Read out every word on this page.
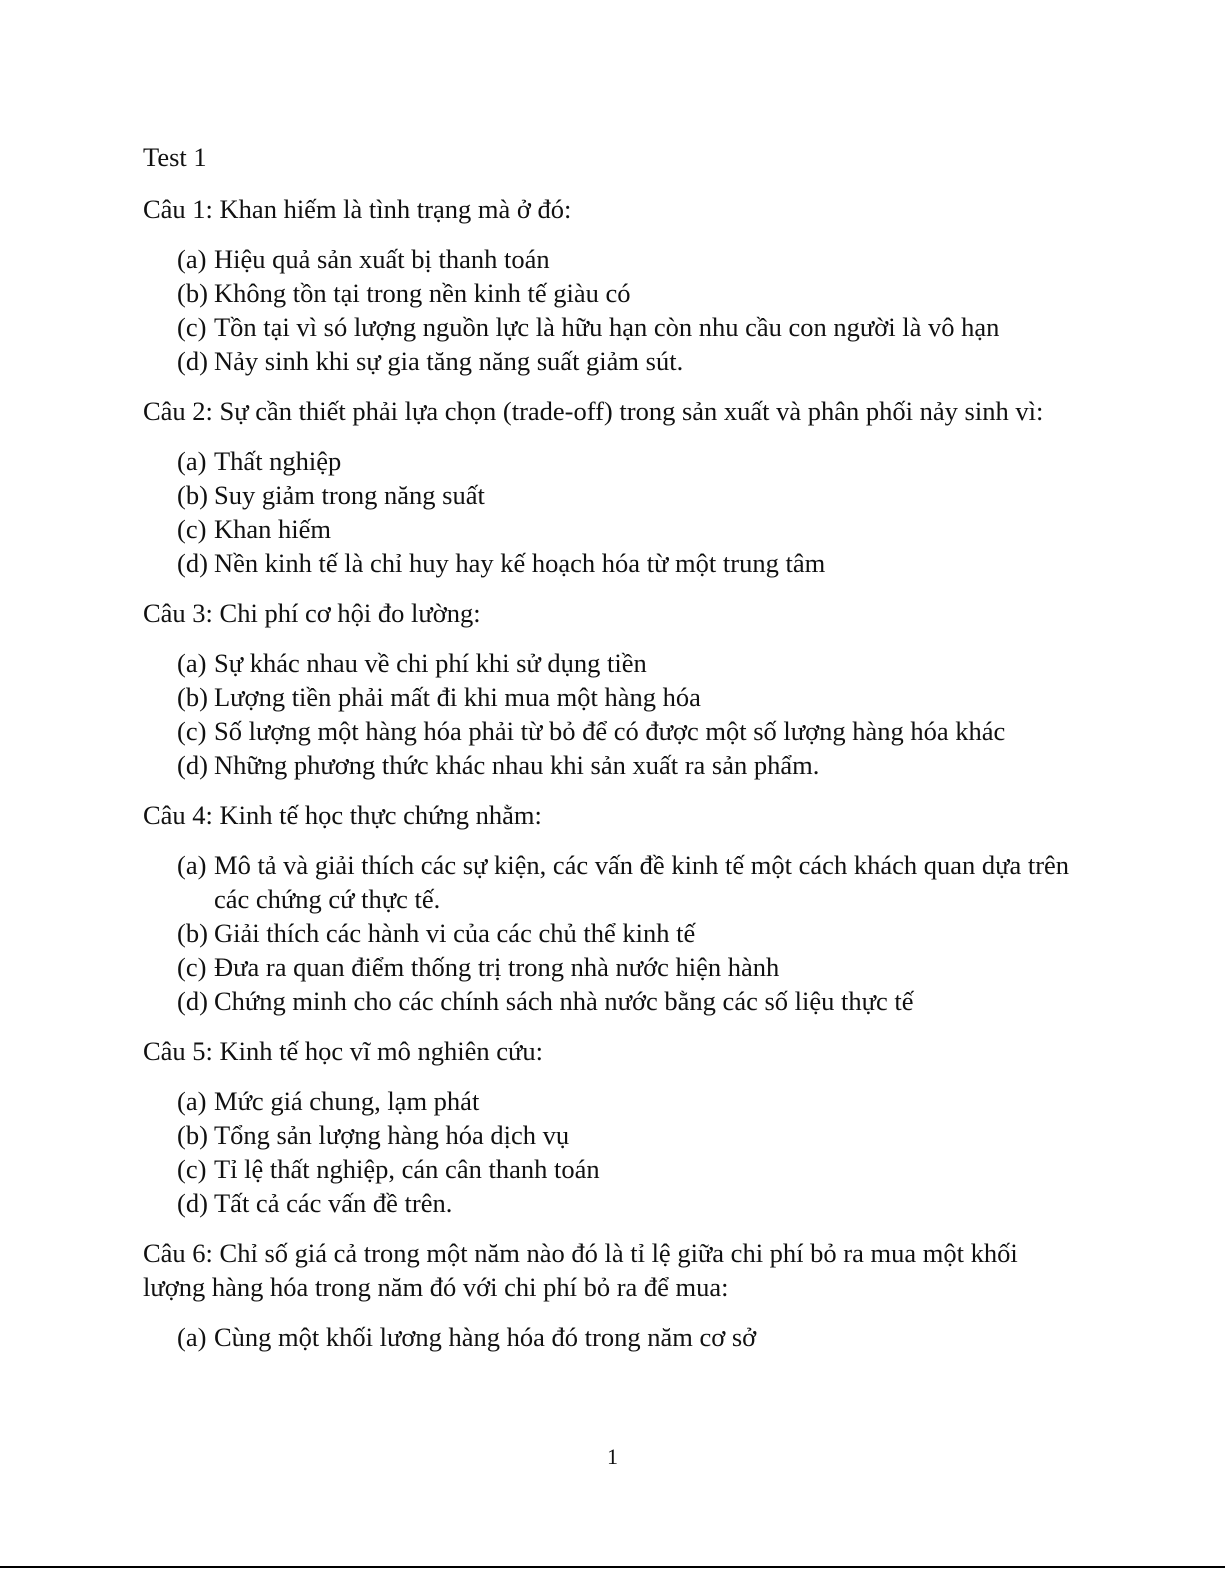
Test 1
Câu 1: Khan hiếm là tình trạng mà ở đó:
(a) Hiệu quả sản xuất bị thanh toán
(b) Không tồn tại trong nền kinh tế giàu có
(c) Tồn tại vì só lượng nguồn lực là hữu hạn còn nhu cầu con người là vô hạn
(d) Nảy sinh khi sự gia tăng năng suất giảm sút.
Câu 2: Sự cần thiết phải lựa chọn (trade-off) trong sản xuất và phân phối nảy sinh vì:
(a) Thất nghiệp
(b) Suy giảm trong năng suất
(c) Khan hiếm
(d) Nền kinh tế là chỉ huy hay kế hoạch hóa từ một trung tâm
Câu 3: Chi phí cơ hội đo lường:
(a) Sự khác nhau về chi phí khi sử dụng tiền
(b) Lượng tiền phải mất đi khi mua một hàng hóa
(c) Số lượng một hàng hóa phải từ bỏ để có được một số lượng hàng hóa khác
(d) Những phương thức khác nhau khi sản xuất ra sản phẩm.
Câu 4: Kinh tế học thực chứng nhằm:
(a) Mô tả và giải thích các sự kiện, các vấn đề kinh tế một cách khách quan dựa trên các chứng cứ thực tế.
(b) Giải thích các hành vi của các chủ thể kinh tế
(c) Đưa ra quan điểm thống trị trong nhà nước hiện hành
(d) Chứng minh cho các chính sách nhà nước bằng các số liệu thực tế
Câu 5: Kinh tế học vĩ mô nghiên cứu:
(a) Mức giá chung, lạm phát
(b) Tổng sản lượng hàng hóa dịch vụ
(c) Tỉ lệ thất nghiệp, cán cân thanh toán
(d) Tất cả các vấn đề trên.
Câu 6: Chỉ số giá cả trong một năm nào đó là tỉ lệ giữa chi phí bỏ ra mua một khối lượng hàng hóa trong năm đó với chi phí bỏ ra để mua:
(a) Cùng một khối lương hàng hóa đó trong năm cơ sở
1
